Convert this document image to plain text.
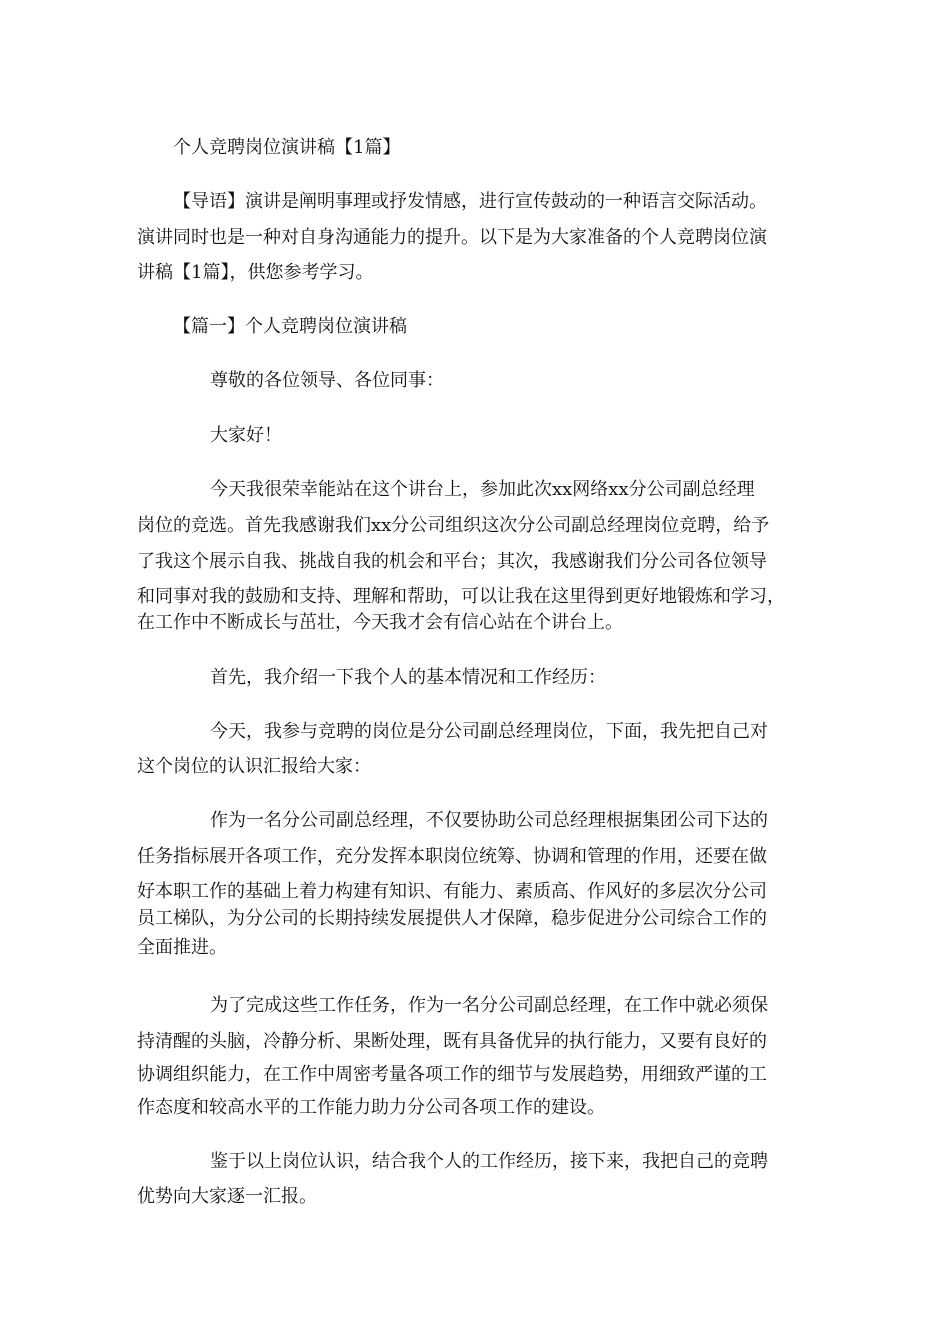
个人竞聘岗位演讲稿【1篇】

【导语】演讲是阐明事理或抒发情感，进行宣传鼓动的一种语言交际活动。

演讲同时也是一种对自身沟通能力的提升。以下是为大家准备的个人竞聘岗位演

讲稿【1篇】，供您参考学习。

【篇一】个人竞聘岗位演讲稿

尊敬的各位领导、各位同事：

大家好！

今天我很荣幸能站在这个讲台上，参加此次xx网络xx分公司副总经理

岗位的竞选。首先我感谢我们xx分公司组织这次分公司副总经理岗位竞聘，给予

了我这个展示自我、挑战自我的机会和平台；其次，我感谢我们分公司各位领导

和同事对我的鼓励和支持、理解和帮助，可以让我在这里得到更好地锻炼和学习，

在工作中不断成长与茁壮，今天我才会有信心站在个讲台上。

首先，我介绍一下我个人的基本情况和工作经历：

今天，我参与竞聘的岗位是分公司副总经理岗位，下面，我先把自己对

这个岗位的认识汇报给大家：

作为一名分公司副总经理，不仅要协助公司总经理根据集团公司下达的

任务指标展开各项工作，充分发挥本职岗位统筹、协调和管理的作用，还要在做

好本职工作的基础上着力构建有知识、有能力、素质高、作风好的多层次分公司

员工梯队，为分公司的长期持续发展提供人才保障，稳步促进分公司综合工作的

全面推进。

为了完成这些工作任务，作为一名分公司副总经理，在工作中就必须保

持清醒的头脑，冷静分析、果断处理，既有具备优异的执行能力，又要有良好的

协调组织能力，在工作中周密考量各项工作的细节与发展趋势，用细致严谨的工

作态度和较高水平的工作能力助力分公司各项工作的建设。

鉴于以上岗位认识，结合我个人的工作经历，接下来，我把自己的竞聘

优势向大家逐一汇报。
